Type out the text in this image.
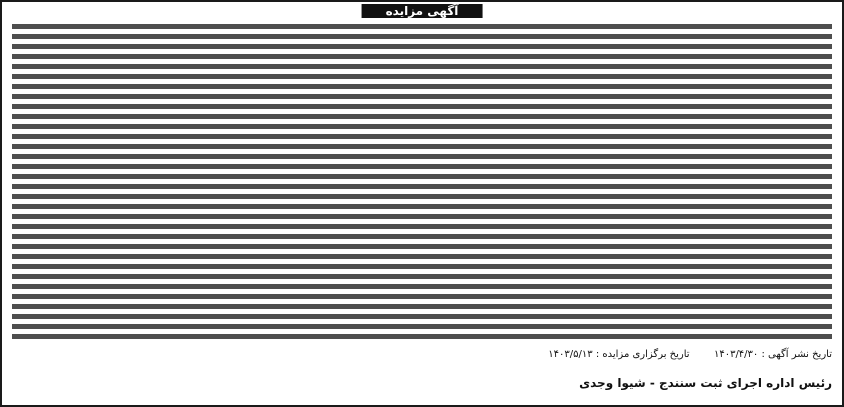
آگهی مزایده
تاریخ نشر آگهی : ۱۴۰۳/۴/۳۰  تاریخ برگزاری مزایده : ۱۴۰۳/۵/۱۳
رئیس اداره اجرای ثبت سنندج - شیوا وجدی
